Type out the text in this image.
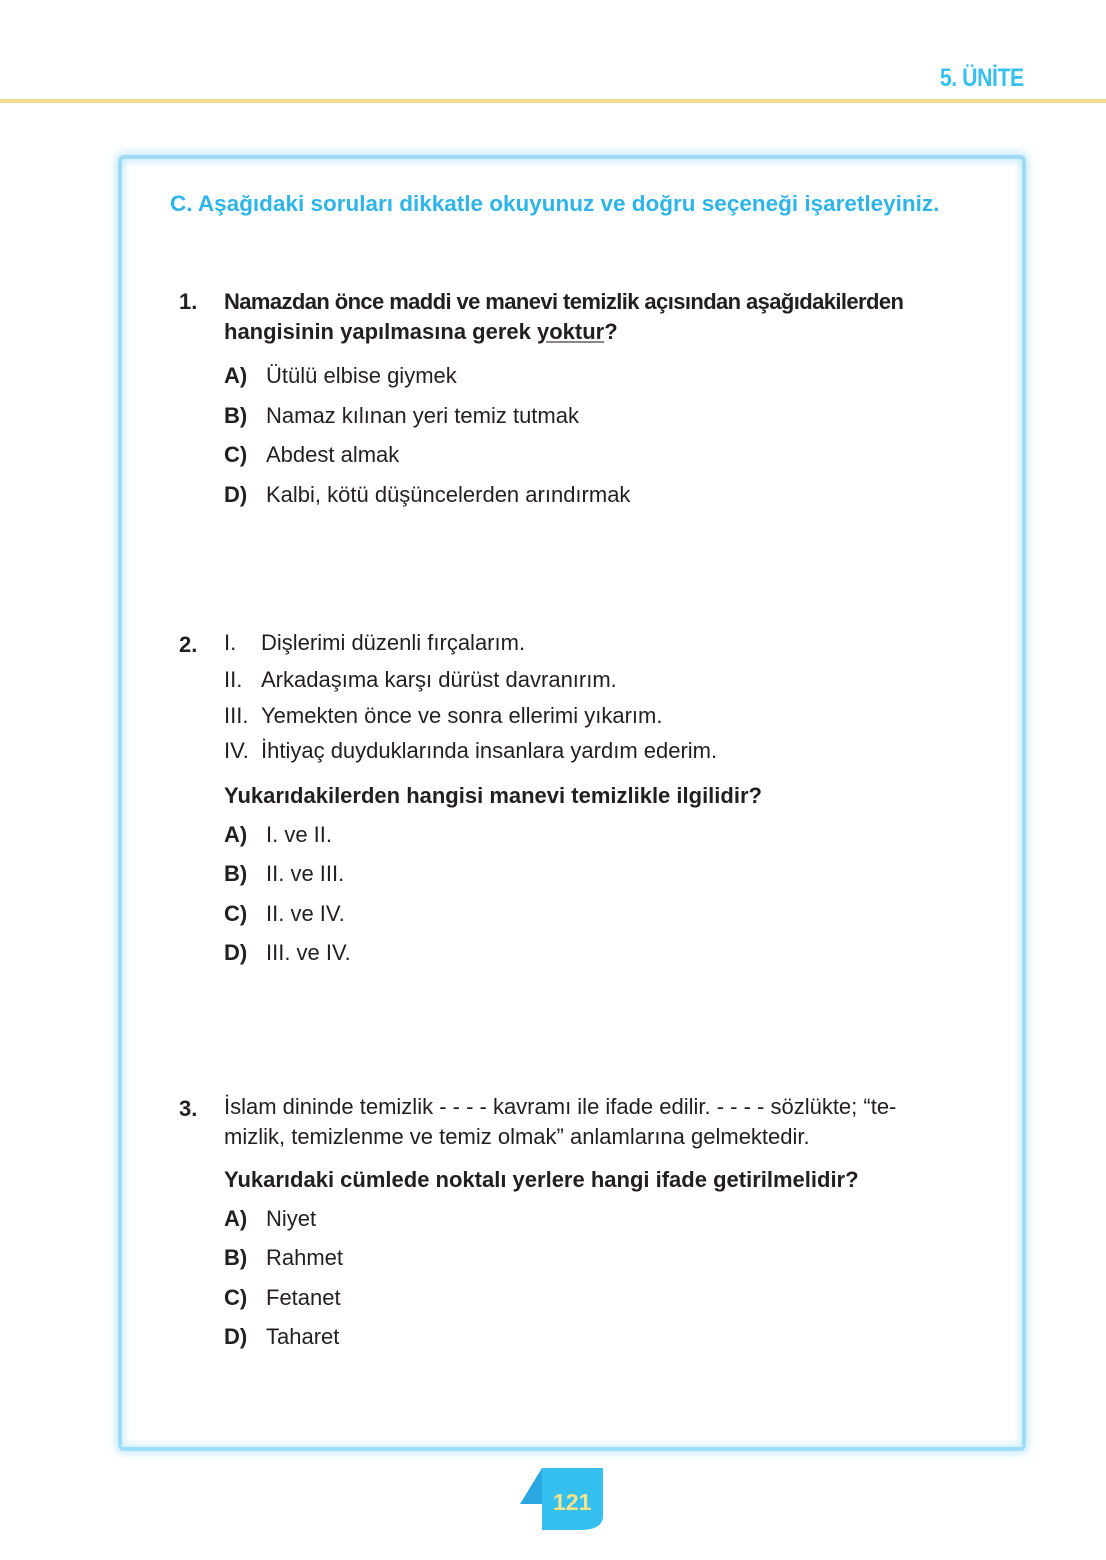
5. ÜNİTE
C. Aşağıdaki soruları dikkatle okuyunuz ve doğru seçeneği işaretleyiniz.
1. Namazdan önce maddi ve manevi temizlik açısından aşağıdakilerden
hangisinin yapılmasına gerek yoktur?
A) Ütülü elbise giymek
B) Namaz kılınan yeri temiz tutmak
C) Abdest almak
D) Kalbi, kötü düşüncelerden arındırmak
2. I. Dişlerimi düzenli fırçalarım.
II. Arkadaşıma karşı dürüst davranırım.
III. Yemekten önce ve sonra ellerimi yıkarım.
IV. İhtiyaç duyduklarında insanlara yardım ederim.
Yukarıdakilerden hangisi manevi temizlikle ilgilidir?
A) I. ve II.
B) II. ve III.
C) II. ve IV.
D) III. ve IV.
3. İslam dininde temizlik - - - - kavramı ile ifade edilir. - - - - sözlükte; “te-
mizlik, temizlenme ve temiz olmak” anlamlarına gelmektedir.
Yukarıdaki cümlede noktalı yerlere hangi ifade getirilmelidir?
A) Niyet
B) Rahmet
C) Fetanet
D) Taharet
121
